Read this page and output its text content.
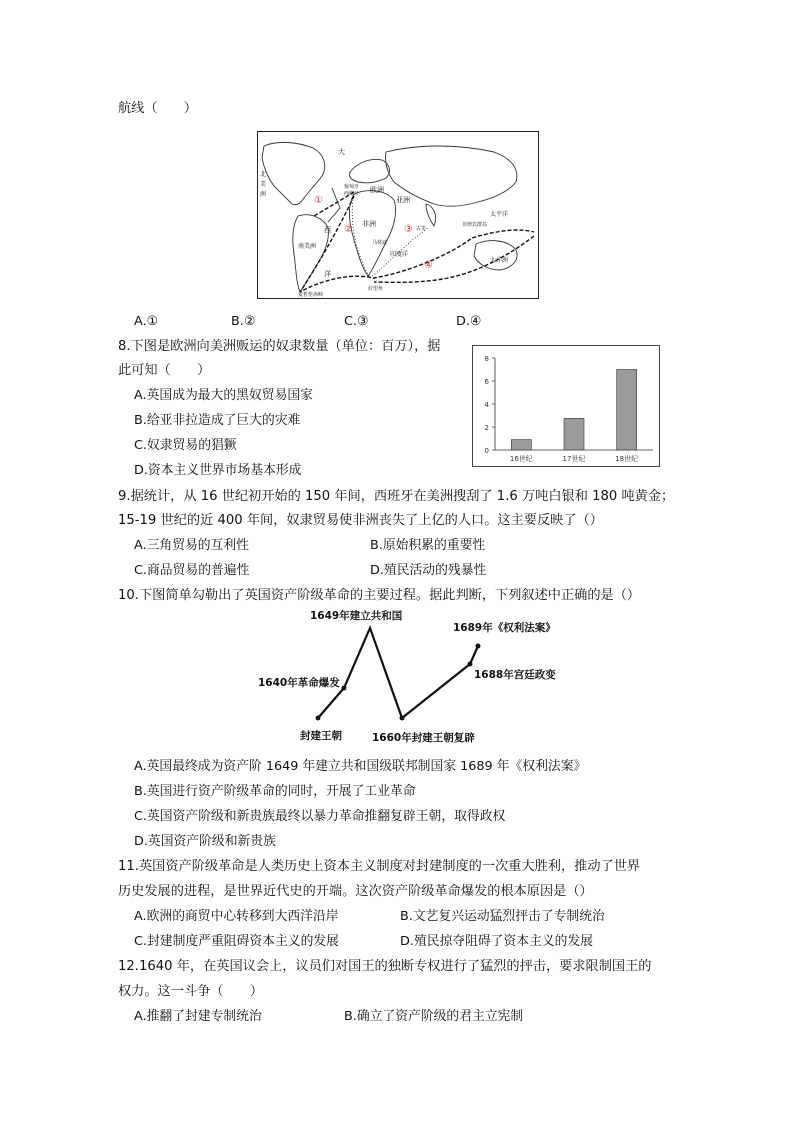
航线（　　）
①
②	③
④
大
北
美
洲
葡萄牙
西班牙 欧洲
亚洲
非洲
西
南美洲
洋
马林迪
古里
印度洋
菲律宾群岛
太平洋
大洋洲
好望角
麦哲伦海峡
A.①	B.②	C.③	D.④
8.下图是欧洲向美洲贩运的奴隶数量（单位：百万），据
此可知（　　）
A.英国成为最大的黑奴贸易国家
B.给亚非拉造成了巨大的灾难
C.奴隶贸易的猖獗
D.资本主义世界市场基本形成
0
2
4
6
8
16世纪	17世纪	18世纪
9.据统计，从 16 世纪初开始的 150 年间，西班牙在美洲搜刮了 1.6 万吨白银和 180 吨黄金；
15-19 世纪的近 400 年间，奴隶贸易使非洲丧失了上亿的人口。这主要反映了（）
A.三角贸易的互利性	B.原始积累的重要性
C.商品贸易的普遍性	D.殖民活动的残暴性
10.下图简单勾勒出了英国资产阶级革命的主要过程。据此判断，下列叙述中正确的是（）
1649年建立共和国
1689年《权利法案》
1688年宫廷政变
1640年革命爆发
封建王朝	1660年封建王朝复辟
A.英国最终成为资产阶 1649 年建立共和国级联邦制国家 1689 年《权利法案》
B.英国进行资产阶级革命的同时，开展了工业革命
C.英国资产阶级和新贵族最终以暴力革命推翻复辟王朝，取得政权
D.英国资产阶级和新贵族
11.英国资产阶级革命是人类历史上资本主义制度对封建制度的一次重大胜利，推动了世界
历史发展的进程，是世界近代史的开端。这次资产阶级革命爆发的根本原因是（）
A.欧洲的商贸中心转移到大西洋沿岸	B.文艺复兴运动猛烈抨击了专制统治
C.封建制度严重阻碍资本主义的发展	D.殖民掠夺阻碍了资本主义的发展
12.1640 年，在英国议会上，议员们对国王的独断专权进行了猛烈的抨击，要求限制国王的
权力。这一斗争（　　）
A.推翻了封建专制统治	B.确立了资产阶级的君主立宪制
